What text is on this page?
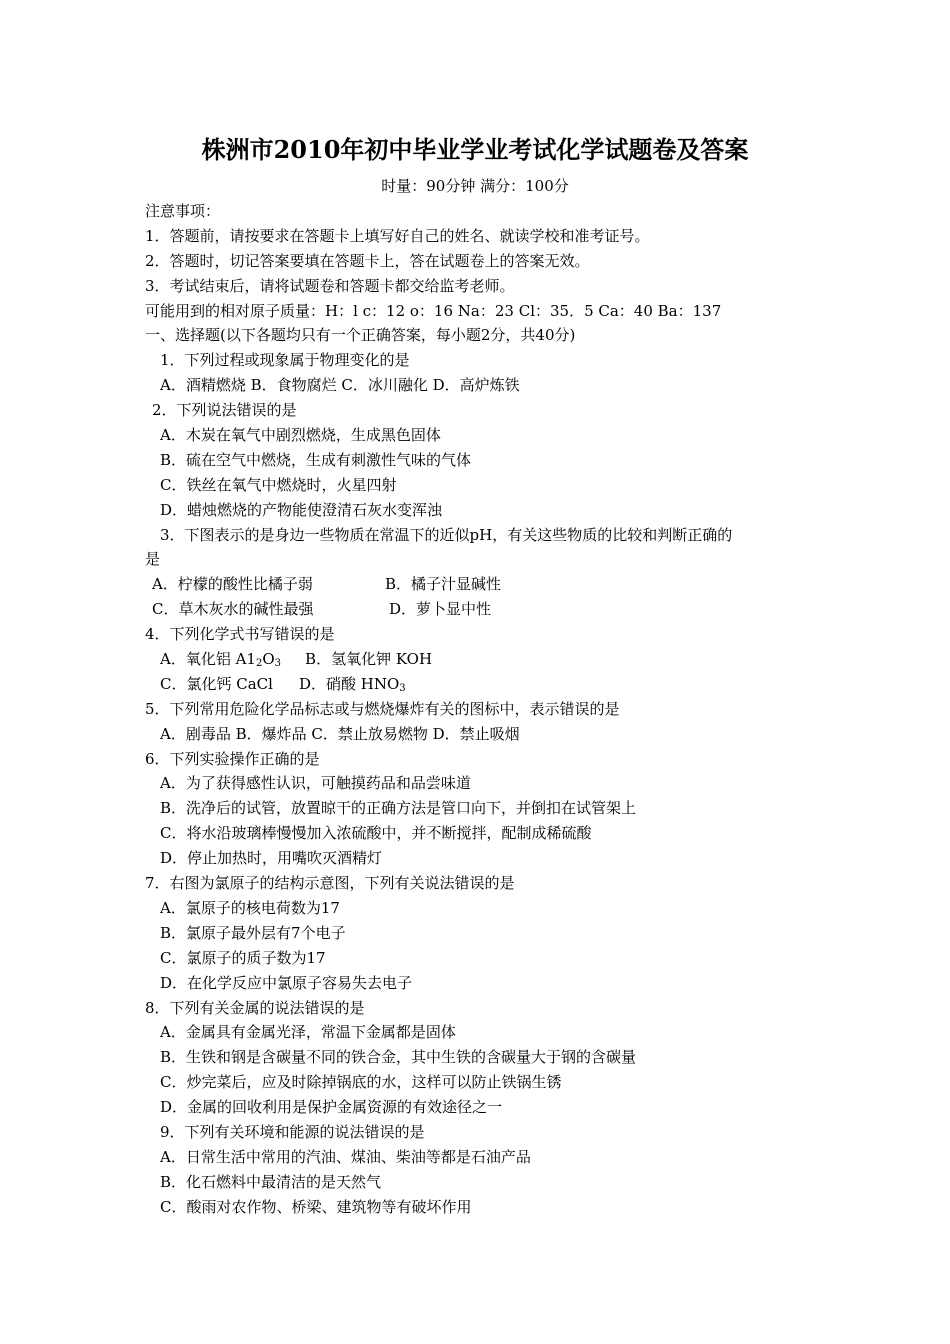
株洲市2010年初中毕业学业考试化学试题卷及答案
时量：90分钟 满分：100分
注意事项：
1．答题前，请按要求在答题卡上填写好自己的姓名、就读学校和准考证号。
2．答题时，切记答案要填在答题卡上，答在试题卷上的答案无效。
3．考试结束后，请将试题卷和答题卡都交给监考老师。
可能用到的相对原子质量：H：l c：12 o：16 Na：23 Cl：35．5 Ca：40 Ba：137
一、选择题(以下各题均只有一个正确答案，每小题2分，共40分)
1．下列过程或现象属于物理变化的是
A．酒精燃烧 B．食物腐烂 C．冰川融化 D．高炉炼铁
2．下列说法错误的是
A．木炭在氧气中剧烈燃烧，生成黑色固体
B．硫在空气中燃烧，生成有刺激性气味的气体
C．铁丝在氧气中燃烧时，火星四射
D．蜡烛燃烧的产物能使澄清石灰水变浑浊
3．下图表示的是身边一些物质在常温下的近似pH，有关这些物质的比较和判断正确的
是
A．柠檬的酸性比橘子弱	B．橘子汁显碱性
C．草木灰水的碱性最强	D．萝卜显中性
4．下列化学式书写错误的是
A．氧化铝 $A1_2O_3$ B．氢氧化钾 KOH
C．氯化钙 CaCl D．硝酸 $HNO_3$
5．下列常用危险化学品标志或与燃烧爆炸有关的图标中，表示错误的是
A．剧毒品 B．爆炸品 C．禁止放易燃物 D．禁止吸烟
6．下列实验操作正确的是
A．为了获得感性认识，可触摸药品和品尝味道
B．洗净后的试管，放置晾干的正确方法是管口向下，并倒扣在试管架上
C．将水沿玻璃棒慢慢加入浓硫酸中，并不断搅拌，配制成稀硫酸
D．停止加热时，用嘴吹灭酒精灯
7．右图为氯原子的结构示意图，下列有关说法错误的是
A．氯原子的核电荷数为17
B．氯原子最外层有7个电子
C．氯原子的质子数为17
D．在化学反应中氯原子容易失去电子
8．下列有关金属的说法错误的是
A．金属具有金属光泽，常温下金属都是固体
B．生铁和钢是含碳量不同的铁合金，其中生铁的含碳量大于钢的含碳量
C．炒完菜后，应及时除掉锅底的水，这样可以防止铁锅生锈
D．金属的回收利用是保护金属资源的有效途径之一
9．下列有关环境和能源的说法错误的是
A．日常生活中常用的汽油、煤油、柴油等都是石油产品
B．化石燃料中最清洁的是天然气
C．酸雨对农作物、桥梁、建筑物等有破坏作用
